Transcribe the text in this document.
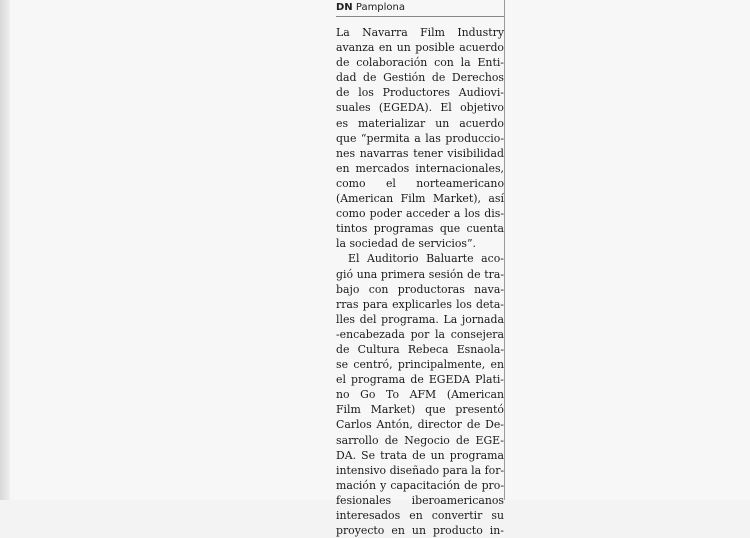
DN Pamplona
La Navarra Film Industry
avanza en un posible acuerdo
de colaboración con la Enti-
dad de Gestión de Derechos
de los Productores Audiovi-
suales (EGEDA). El objetivo
es materializar un acuerdo
que “permita a las produccio-
nes navarras tener visibilidad
en mercados internacionales,
como el norteamericano
(American Film Market), así
como poder acceder a los dis-
tintos programas que cuenta
la sociedad de servicios”.
El Auditorio Baluarte aco-
gió una primera sesión de tra-
bajo con productoras nava-
rras para explicarles los deta-
lles del programa. La jornada
-encabezada por la consejera
de Cultura Rebeca Esnaola-
se centró, principalmente, en
el programa de EGEDA Plati-
no Go To AFM (American
Film Market) que presentó
Carlos Antón, director de De-
sarrollo de Negocio de EGE-
DA. Se trata de un programa
intensivo diseñado para la for-
mación y capacitación de pro-
fesionales iberoamericanos
interesados en convertir su
proyecto en un producto in-
